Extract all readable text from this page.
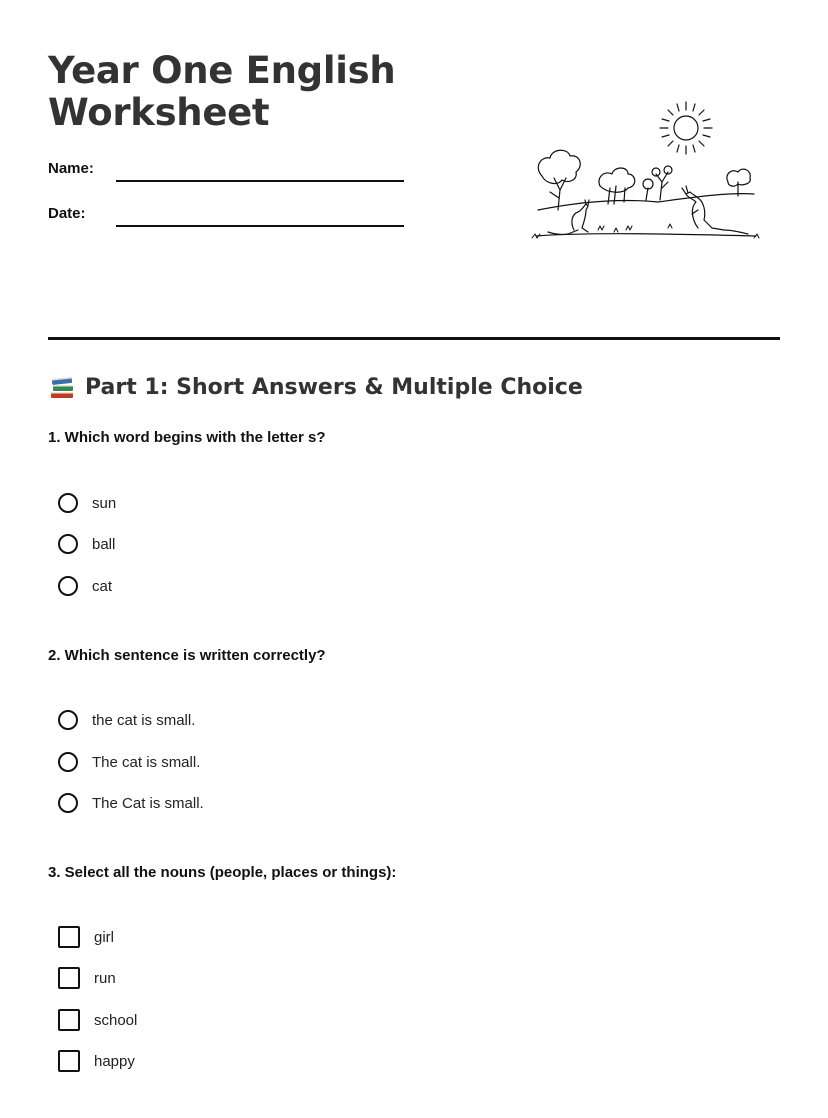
Year One English Worksheet
Name:
Date:
Part 1: Short Answers & Multiple Choice

1. Which word begins with the letter s?

sun
ball
cat

2. Which sentence is written correctly?

the cat is small.
The cat is small.
The Cat is small.

3. Select all the nouns (people, places or things):

girl
run
school
happy
